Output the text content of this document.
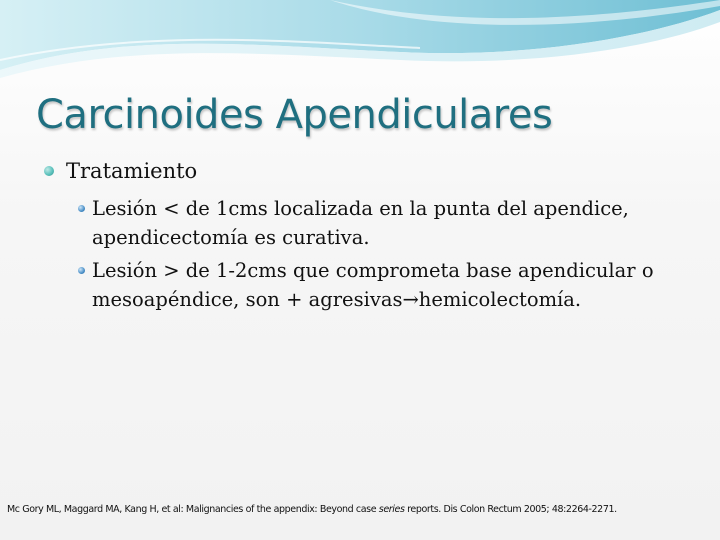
Carcinoides Apendiculares
Tratamiento
Lesión < de 1cms localizada en la punta del apendice, apendicectomía es curativa.
Lesión > de 1-2cms que comprometa base apendicular o mesoapéndice, son + agresivas→hemicolectomía.

Mc Gory ML, Maggard MA, Kang H, et al: Malignancies of the appendix: Beyond case series reports. Dis Colon Rectum 2005; 48:2264-2271.
